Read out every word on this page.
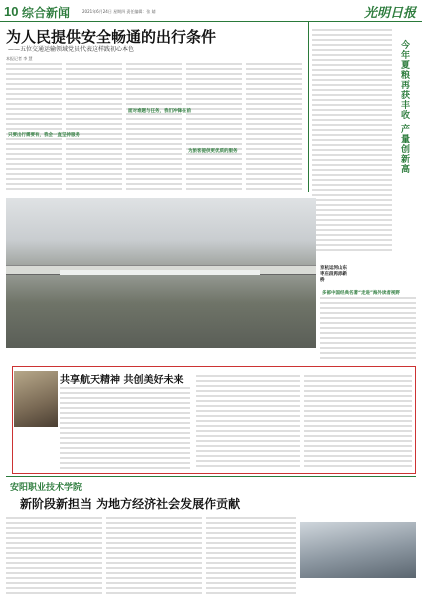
10 综合新闻	2021年6月24日 星期四 责任编辑：张 婧	光明日报
为人民提供安全畅通的出行条件
——五位交通运输领域党员代表这样践初心本色
本报记者 李 慧
只要出行需要有，我会一直坚持服务
面对难题与任务，我们冲锋在前
为旅客提供更优质的服务	今年夏粮再获丰收 产量创新高
京杭运河山东枣庄段再添新桥
多部中国经典名著“走进”海外读者视野
共享航天精神 共创美好未来
安阳职业技术学院
新阶段新担当 为地方经济社会发展作贡献
